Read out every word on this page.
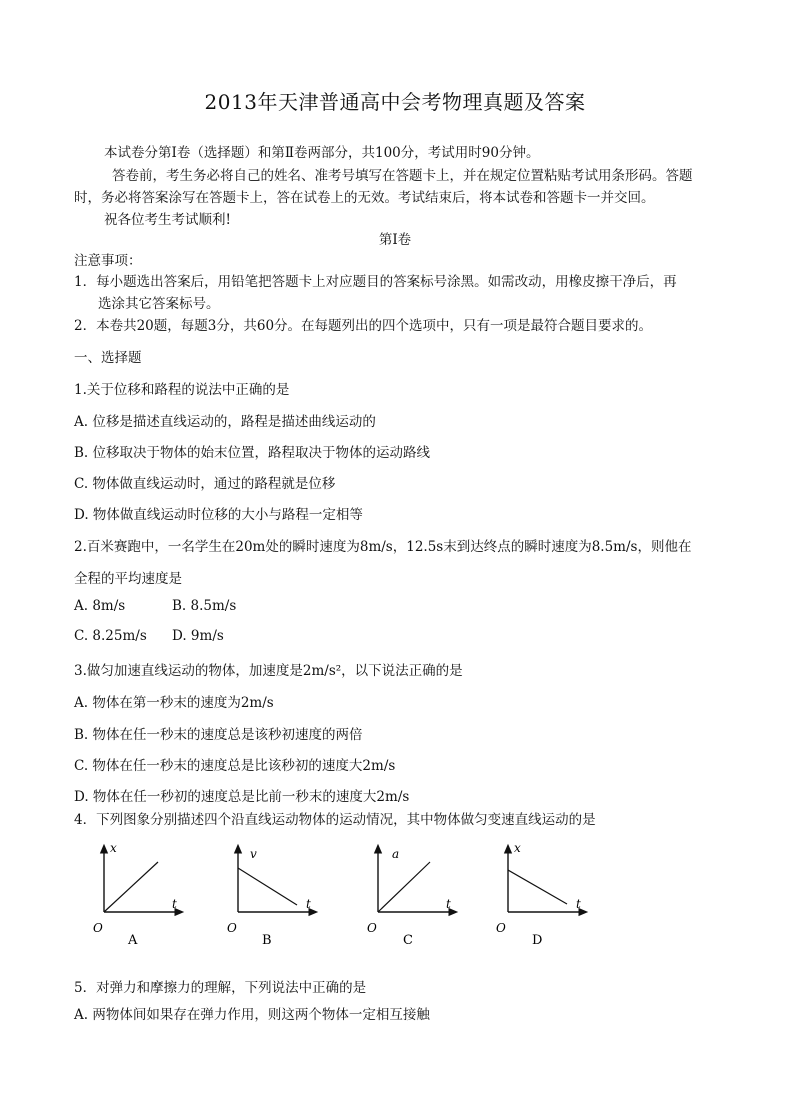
2013年天津普通高中会考物理真题及答案
本试卷分第Ⅰ卷（选择题）和第Ⅱ卷两部分，共100分，考试用时90分钟。
答卷前，考生务必将自己的姓名、准考号填写在答题卡上，并在规定位置粘贴考试用条形码。答题
时，务必将答案涂写在答题卡上，答在试卷上的无效。考试结束后，将本试卷和答题卡一并交回。
祝各位考生考试顺利!
第Ⅰ卷
注意事项：
1．每小题选出答案后，用铅笔把答题卡上对应题目的答案标号涂黑。如需改动，用橡皮擦干净后，再
选涂其它答案标号。
2．本卷共20题，每题3分，共60分。在每题列出的四个选项中，只有一项是最符合题目要求的。
一、选择题
1.关于位移和路程的说法中正确的是
A. 位移是描述直线运动的，路程是描述曲线运动的
B. 位移取决于物体的始末位置，路程取决于物体的运动路线
C. 物体做直线运动时，通过的路程就是位移
D. 物体做直线运动时位移的大小与路程一定相等
2.百米赛跑中，一名学生在20m处的瞬时速度为8m/s，12.5s末到达终点的瞬时速度为8.5m/s，则他在
全程的平均速度是
A. 8m/s	B. 8.5m/s
C. 8.25m/s D. 9m/s
3.做匀加速直线运动的物体，加速度是2m/s²，以下说法正确的是
A. 物体在第一秒末的速度为2m/s
B. 物体在任一秒末的速度总是该秒初速度的两倍
C. 物体在任一秒末的速度总是比该秒初的速度大2m/s
D. 物体在任一秒初的速度总是比前一秒末的速度大2m/s
4．下列图象分别描述四个沿直线运动物体的运动情况，其中物体做匀变速直线运动的是
x
t
O
A
v
t
O
B
a
t
O
C
x
t
O
D
5．对弹力和摩擦力的理解，下列说法中正确的是
A. 两物体间如果存在弹力作用，则这两个物体一定相互接触
